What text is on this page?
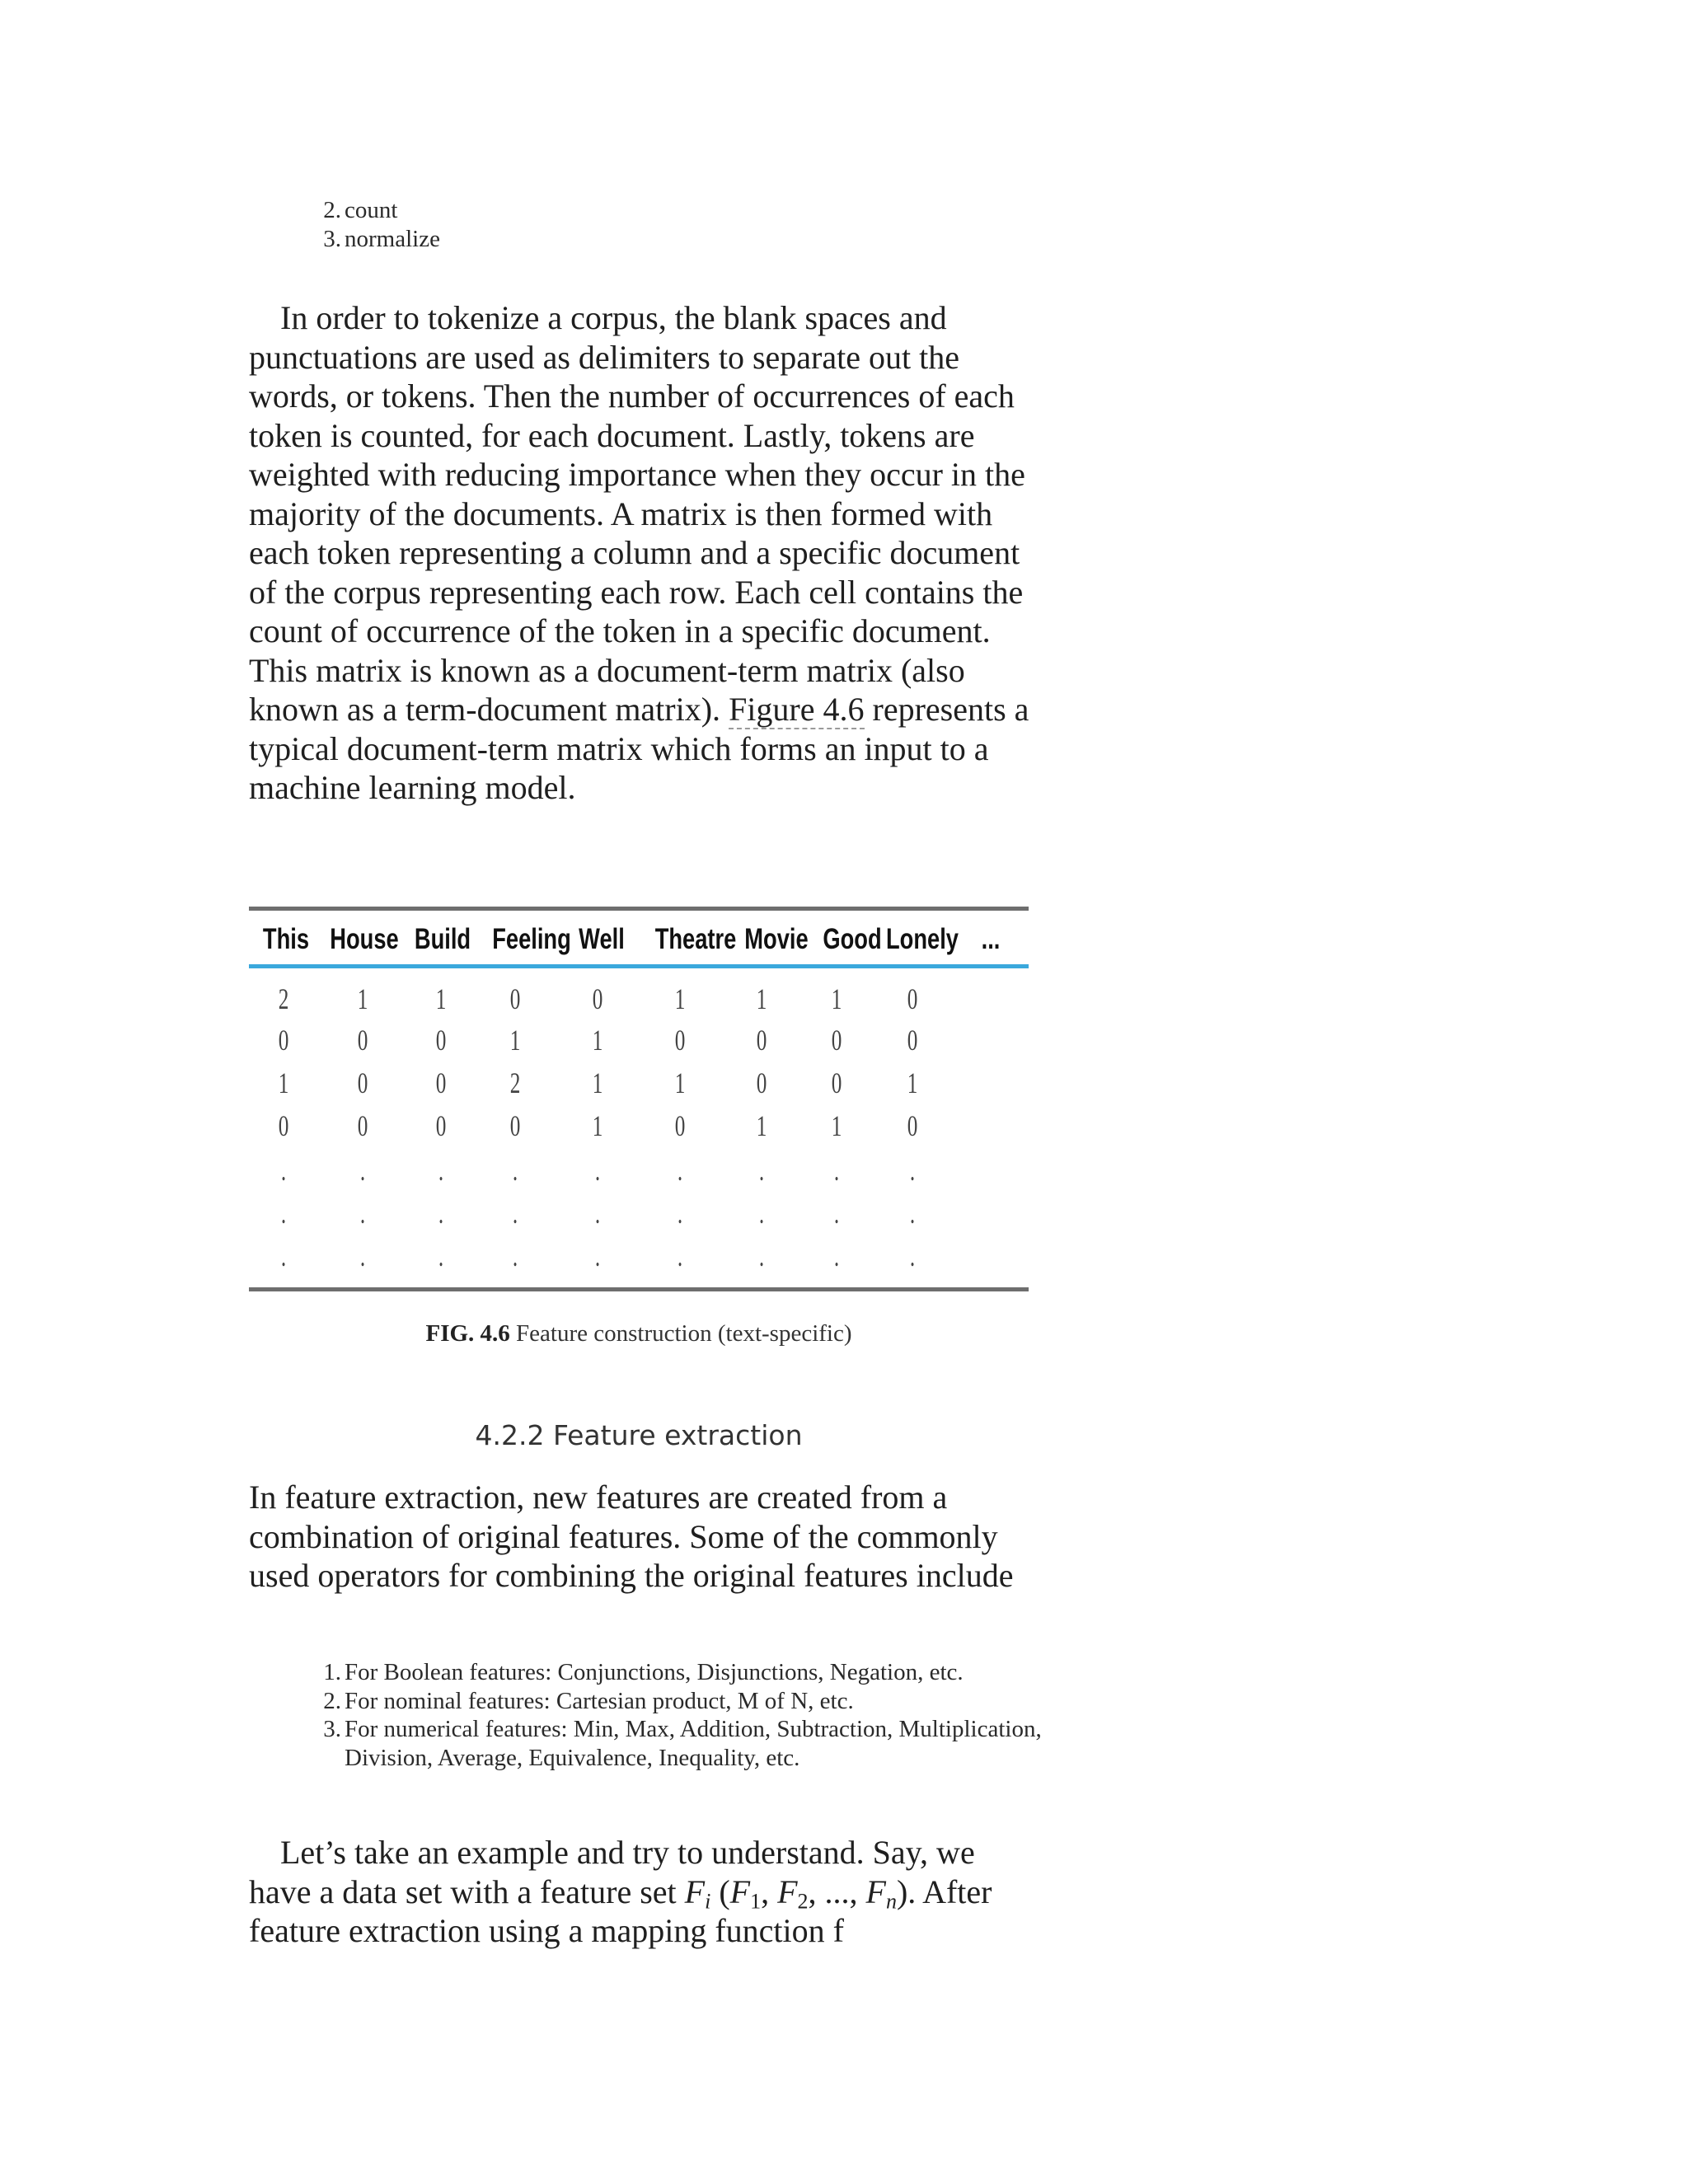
2 . count
3 . normalize

In order to tokenize a corpus, the blank spaces and punctuations are used as delimiters to separate out the words, or tokens. Then the number of occurrences of each token is counted, for each document. Lastly, tokens are weighted with reducing importance when they occur in the majority of the documents. A matrix is then formed with each token representing a column and a specific document of the corpus representing each row. Each cell contains the count of occurrence of the token in a specific document. This matrix is known as a document-term matrix (also known as a term-document matrix). Figure 4.6 represents a typical document-term matrix which forms an input to a machine learning model.

This House Build Feeling Well	Theatre Movie Good Lonely ...
2 1 1 0 0 1 1 1 0
0 0 0 1 1 0 0 0 0
1 0 0 2 1 1 0 0 1
0 0 0 0 1 0 1 1 0
.	.	.	.	.	.	.	.	.
.	.	.	.	.	.	.	.	.
.	.	.	.	.	.	.	.	.
FIG. 4.6 Feature construction (text-specific)
4.2.2 Feature extraction

In feature extraction, new features are created from a combination of original features. Some of the commonly used operators for combining the original features include

1 . For Boolean features: Conjunctions, Disjunctions, Negation, etc.
2 . For nominal features: Cartesian product, M of N, etc.
3 . For numerical features: Min, Max, Addition, Subtraction, Multiplication, Division, Average, Equivalence, Inequality, etc.

Let’s take an example and try to understand. Say, we have a data set with a feature set $F_i$ ($F_1$, $F_2$, ..., $F_n$). After feature extraction using a mapping function f
